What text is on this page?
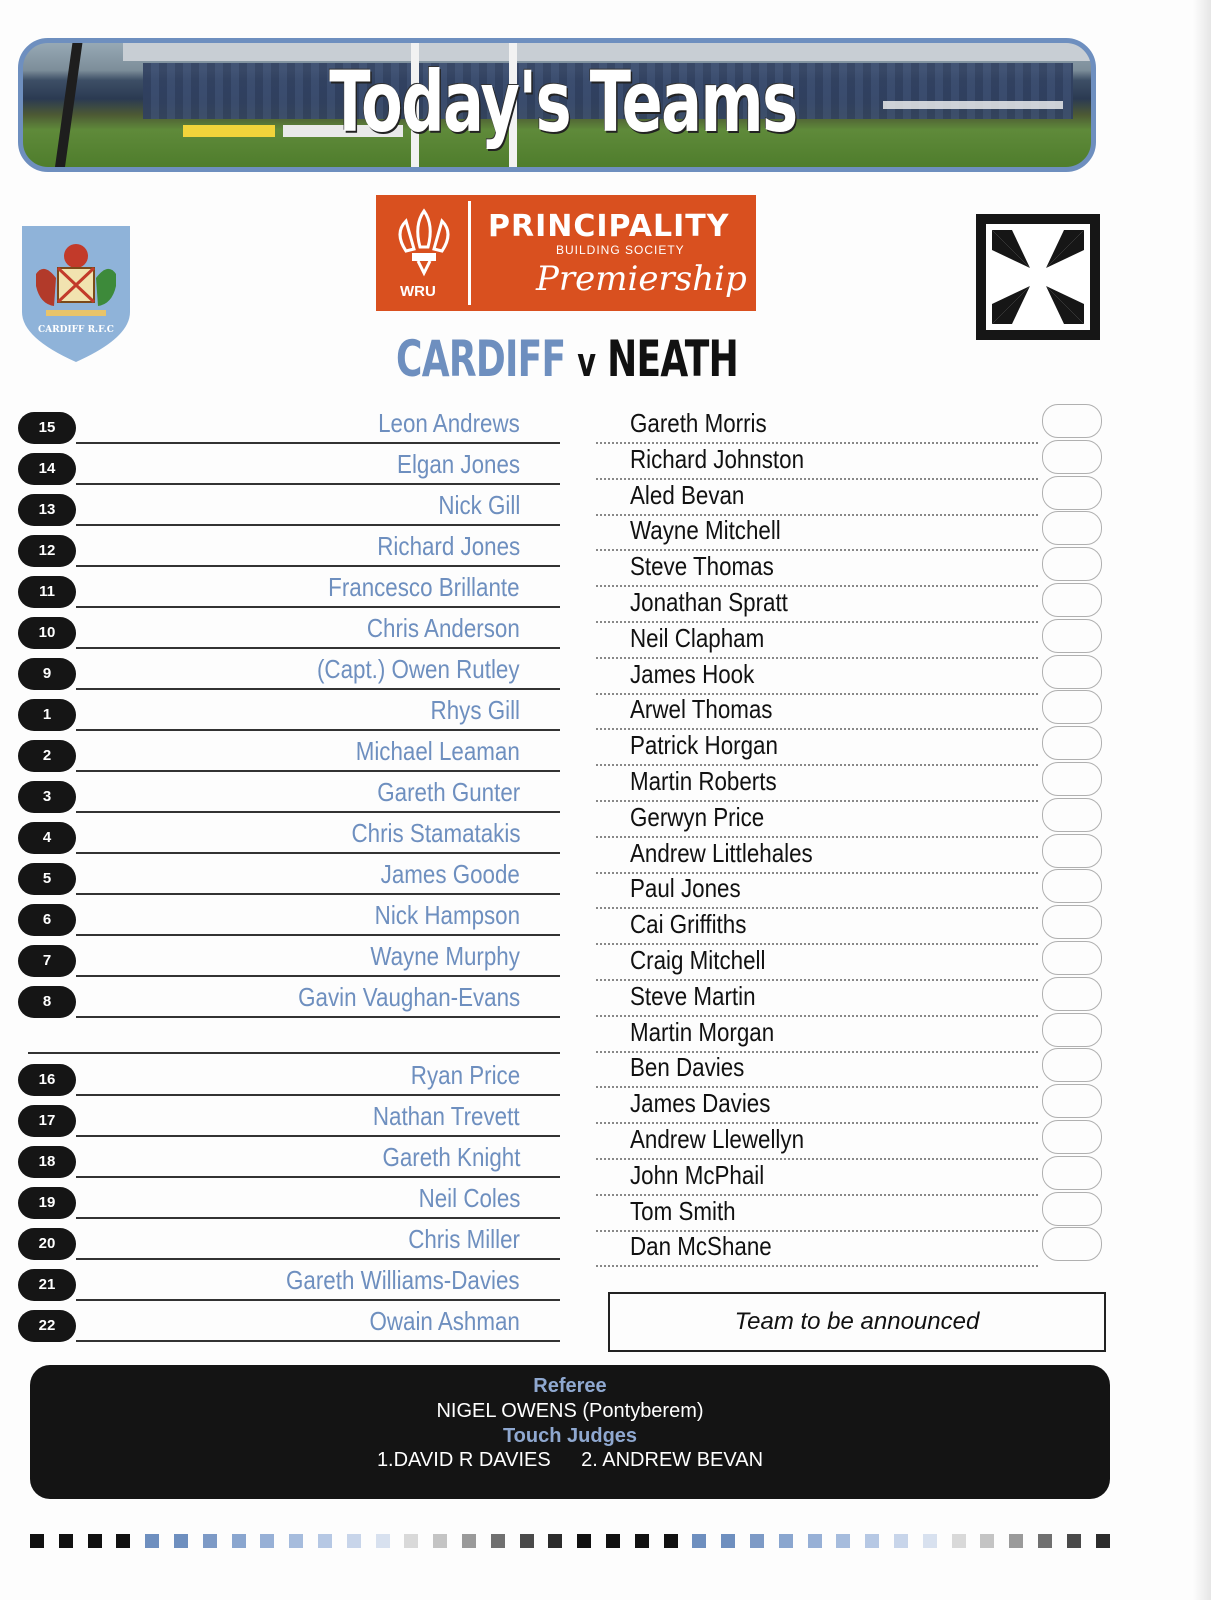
Today's Teams
CARDIFF R.F.C
WRU
PRINCIPALITY
BUILDING SOCIETY
Premiership
CARDIFF v NEATH
15	Leon Andrews
14	Elgan Jones
13	Nick Gill
12	Richard Jones
11	Francesco Brillante
10	Chris Anderson
9	(Capt.) Owen Rutley
1	Rhys Gill
2	Michael Leaman
3	Gareth Gunter
4	Chris Stamatakis
5	James Goode
6	Nick Hampson
7	Wayne Murphy
8	Gavin Vaughan-Evans
16	Ryan Price
17	Nathan Trevett
18	Gareth Knight
19	Neil Coles
20	Chris Miller
21	Gareth Williams-Davies
22	Owain Ashman
Gareth Morris
Richard Johnston
Aled Bevan
Wayne Mitchell
Steve Thomas
Jonathan Spratt
Neil Clapham
James Hook
Arwel Thomas
Patrick Horgan
Martin Roberts
Gerwyn Price
Andrew Littlehales
Paul Jones
Cai Griffiths
Craig Mitchell
Steve Martin
Martin Morgan
Ben Davies
James Davies
Andrew Llewellyn
John McPhail
Tom Smith
Dan McShane
Team to be announced
Referee
NIGEL OWENS (Pontyberem)
Touch Judges
1.DAVID R DAVIES 2. ANDREW BEVAN
